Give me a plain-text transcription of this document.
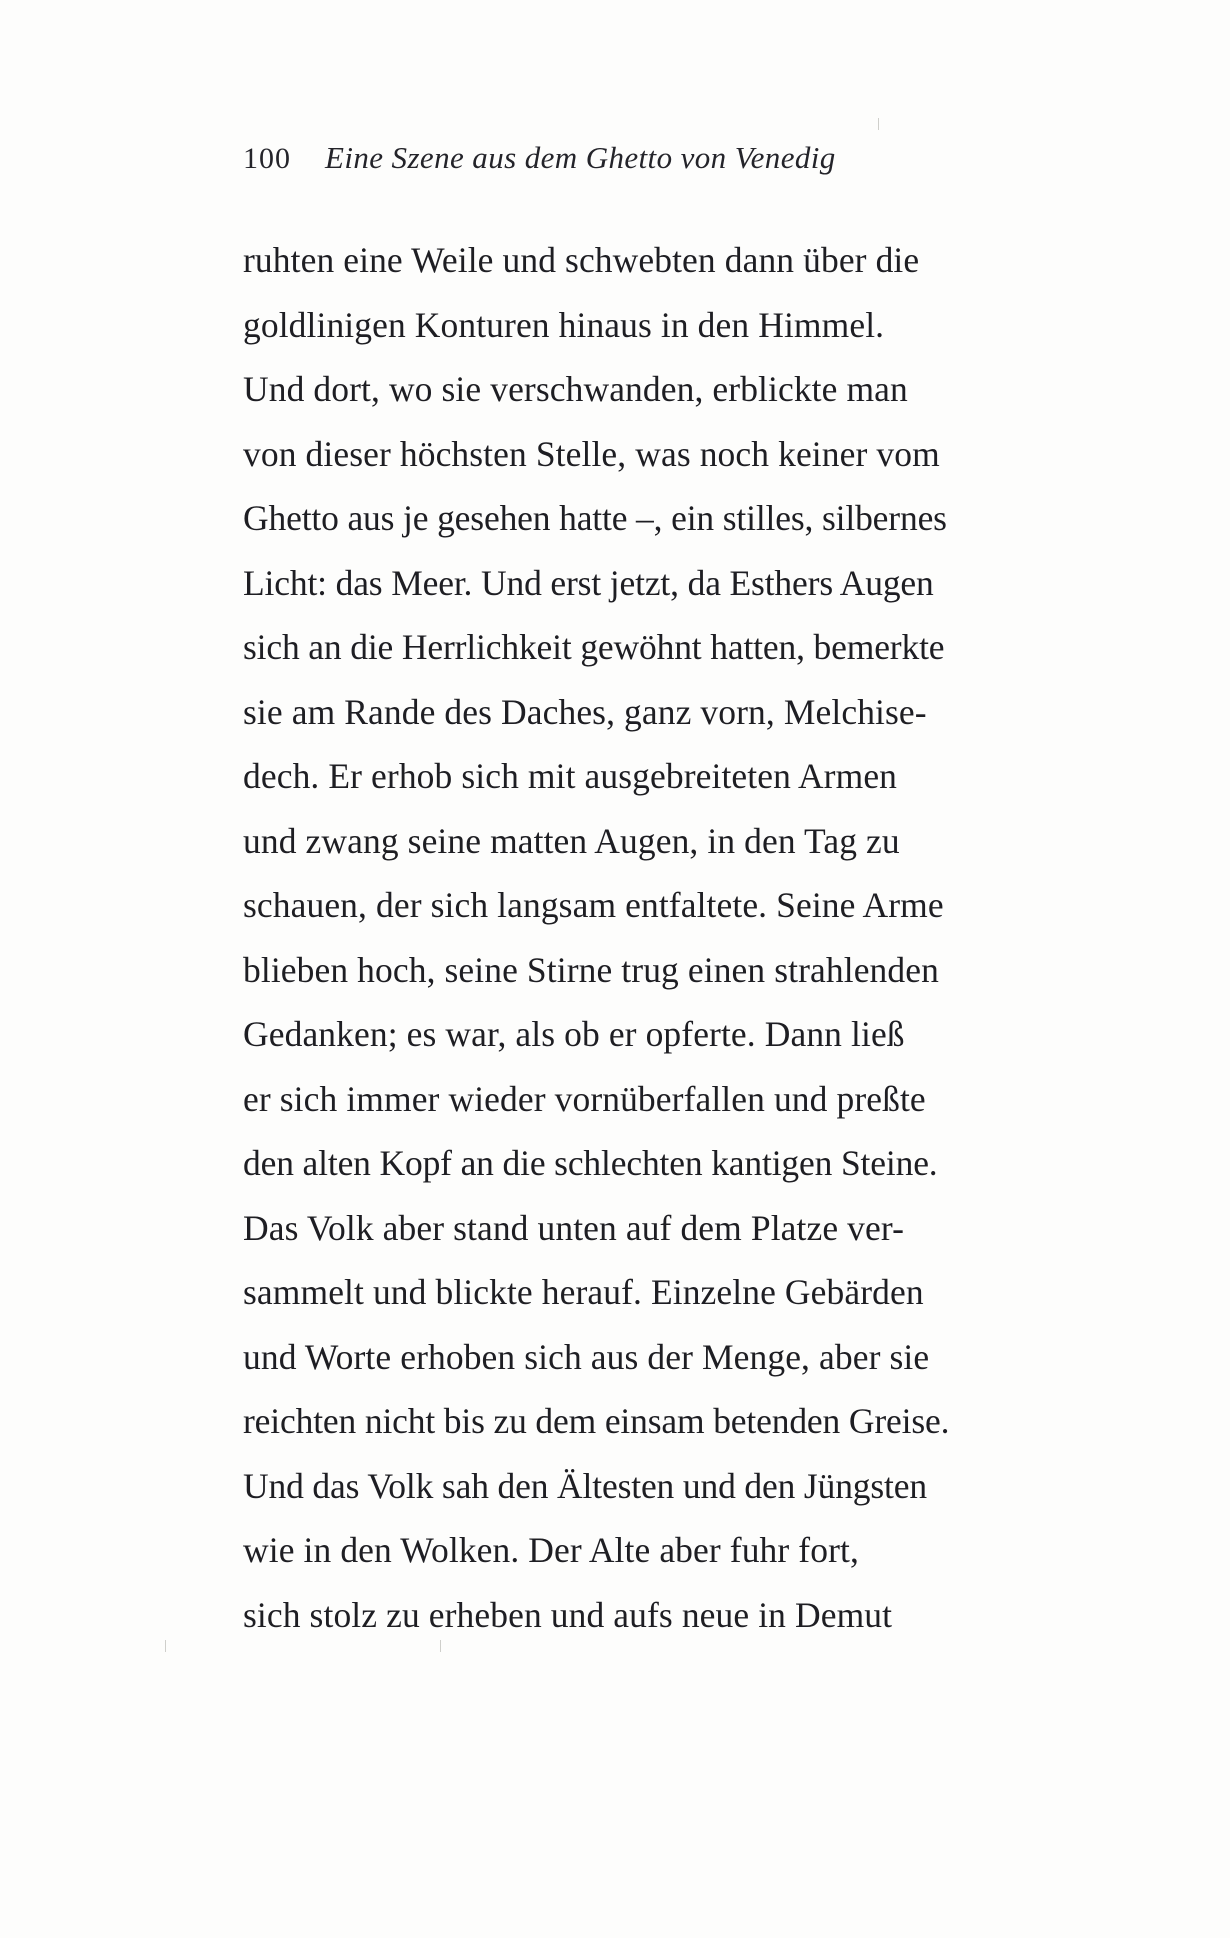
100 Eine Szene aus dem Ghetto von Venedig
ruhten eine Weile und schwebten dann über die
goldlinigen Konturen hinaus in den Himmel.
Und dort, wo sie verschwanden, erblickte man
von dieser höchsten Stelle, was noch keiner vom
Ghetto aus je gesehen hatte –, ein stilles, silbernes
Licht: das Meer. Und erst jetzt, da Esthers Augen
sich an die Herrlichkeit gewöhnt hatten, bemerkte
sie am Rande des Daches, ganz vorn, Melchise-
dech. Er erhob sich mit ausgebreiteten Armen
und zwang seine matten Augen, in den Tag zu
schauen, der sich langsam entfaltete. Seine Arme
blieben hoch, seine Stirne trug einen strahlenden
Gedanken; es war, als ob er opferte. Dann ließ
er sich immer wieder vornüberfallen und preßte
den alten Kopf an die schlechten kantigen Steine.
Das Volk aber stand unten auf dem Platze ver-
sammelt und blickte herauf. Einzelne Gebärden
und Worte erhoben sich aus der Menge, aber sie
reichten nicht bis zu dem einsam betenden Greise.
Und das Volk sah den Ältesten und den Jüngsten
wie in den Wolken. Der Alte aber fuhr fort,
sich stolz zu erheben und aufs neue in Demut
